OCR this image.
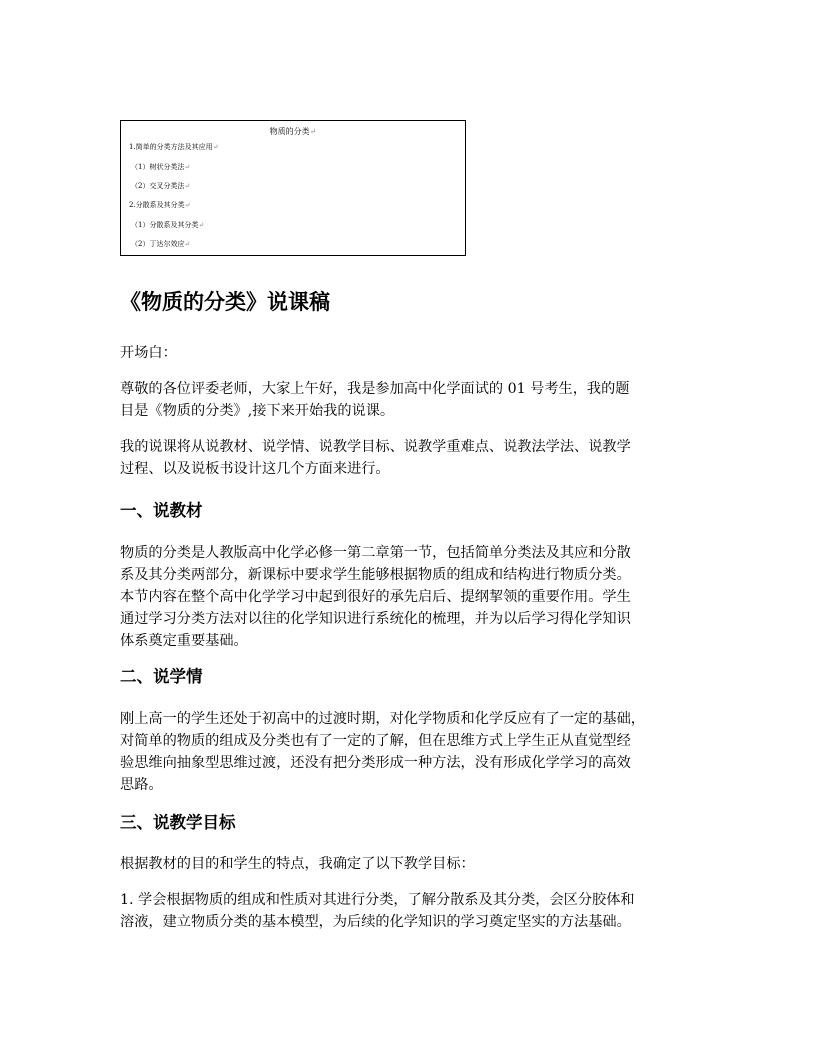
物质的分类↵
1.简单的分类方法及其应用↵
（1）树状分类法↵
（2）交叉分类法↵
2.分散系及其分类↵
（1）分散系及其分类↵
（2）丁达尔效应↵
《物质的分类》说课稿

开场白：

尊敬的各位评委老师，大家上午好，我是参加高中化学面试的 01 号考生，我的题
目是《物质的分类》,接下来开始我的说课。

我的说课将从说教材、说学情、说教学目标、说教学重难点、说教法学法、说教学
过程、以及说板书设计这几个方面来进行。

一、说教材

物质的分类是人教版高中化学必修一第二章第一节，包括简单分类法及其应和分散
系及其分类两部分，新课标中要求学生能够根据物质的组成和结构进行物质分类。
本节内容在整个高中化学学习中起到很好的承先启后、提纲挈领的重要作用。学生
通过学习分类方法对以往的化学知识进行系统化的梳理，并为以后学习得化学知识
体系奠定重要基础。

二、说学情

刚上高一的学生还处于初高中的过渡时期，对化学物质和化学反应有了一定的基础，
对简单的物质的组成及分类也有了一定的了解，但在思维方式上学生正从直觉型经
验思维向抽象型思维过渡，还没有把分类形成一种方法，没有形成化学学习的高效
思路。

三、说教学目标

根据教材的目的和学生的特点，我确定了以下教学目标：

1. 学会根据物质的组成和性质对其进行分类，了解分散系及其分类，会区分胶体和
溶液，建立物质分类的基本模型，为后续的化学知识的学习奠定坚实的方法基础。
